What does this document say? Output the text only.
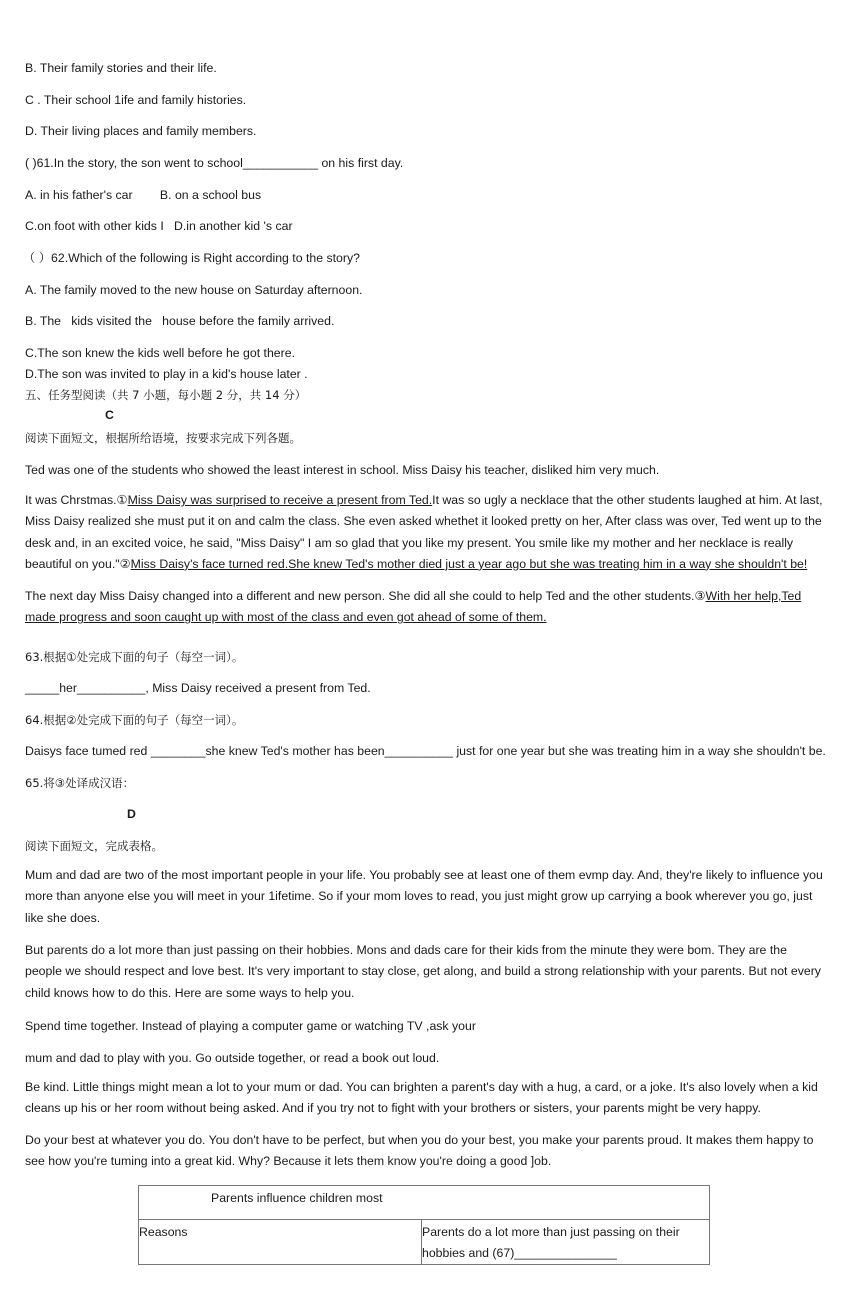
B. Their family stories and their life.
C . Their school 1ife and family histories.
D. Their living places and family members.
( )61.In the story, the son went to school___________ on his first day.
A. in his father's car        B. on a school bus
C.on foot with other kids I   D.in another kid 's car
（ ）62.Which of the following is Right according to the story?
A. The family moved to the new house on Saturday afternoon.
B. The   kids visited the   house before the family arrived.
C.The son knew the kids well before he got there.
D.The son was invited to play in a kid's house later .
五、任务型阅读（共 7 小题，每小题 2 分，共 14 分）
C
阅读下面短文，根据所给语境，按要求完成下列各题。
Ted was one of the students who showed the least interest in school. Miss Daisy his teacher, disliked him very much.
It was Chrstmas.①Miss Daisy was surprised to receive a present from Ted.It was so ugly a necklace that the other students laughed at him. At last, Miss Daisy realized she must put it on and calm the class. She even asked whethet it looked pretty on her, After class was over, Ted went up to the desk and, in an excited voice, he said, "Miss Daisy" I am so glad that you like my present. You smile like my mother and her necklace is really beautiful on you."②Miss Daisy's face turned red.She knew Ted's mother died just a year ago but she was treating him in a way she shouldn't be!
The next day Miss Daisy changed into a different and new person. She did all she could to help Ted and the other students.③With her help,Ted made progress and soon caught up with most of the class and even got ahead of some of them.
63.根据①处完成下面的句子（每空一词）。
_____her__________, Miss Daisy received a present from Ted.
64.根据②处完成下面的句子（每空一词）。
Daisys face tumed red ________she knew Ted's mother has been__________ just for one year but she was treating him in a way she shouldn't be.
65.将③处译成汉语：
D
阅读下面短文，完成表格。
Mum and dad are two of the most important people in your life. You probably see at least one of them evmp day. And, they're likely to influence you more than anyone else you will meet in your 1ifetime. So if your mom loves to read, you just might grow up carrying a book wherever you go, just like she does.
But parents do a lot more than just passing on their hobbies. Mons and dads care for their kids from the minute they were bom. They are the people we should respect and love best. It's very important to stay close, get along, and build a strong relationship with your parents. But not every child knows how to do this. Here are some ways to help you.
Spend time together. Instead of playing a computer game or watching TV ,ask your
mum and dad to play with you. Go outside together, or read a book out loud.
Be kind. Little things might mean a lot to your mum or dad. You can brighten a parent's day with a hug, a card, or a joke. It's also lovely when a kid cleans up his or her room without being asked. And if you try not to fight with your brothers or sisters, your parents might be very happy.
Do your best at whatever you do. You don't have to be perfect, but when you do your best, you make your parents proud. It makes them happy to see how you're tuming into a great kid. Why? Because it lets them know you're doing a good ]ob.
Parents influence children most
Reasons	Parents do a lot more than just passing on their hobbies and (67)_______________
